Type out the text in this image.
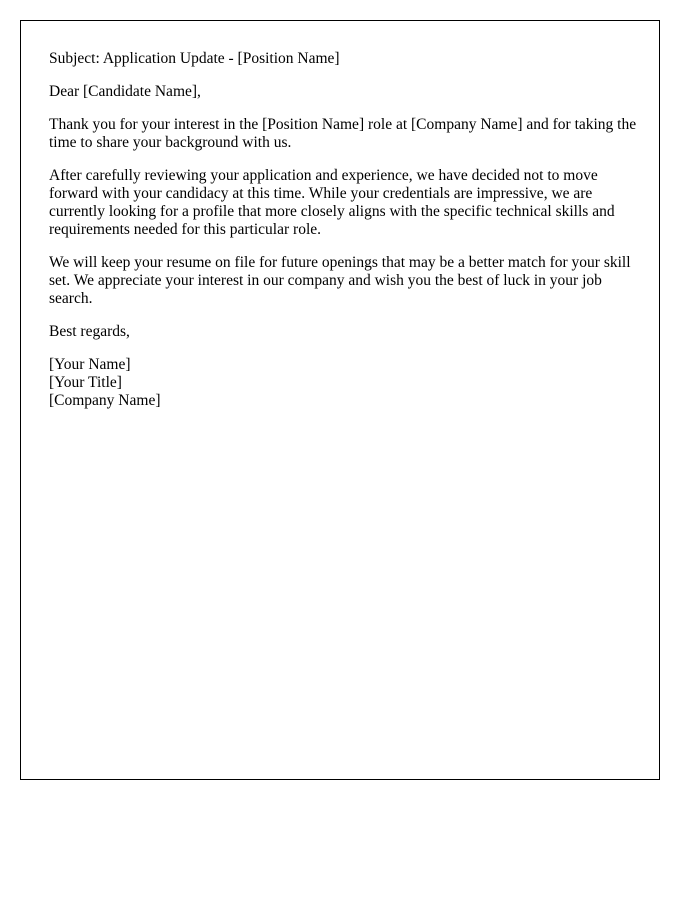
Subject: Application Update - [Position Name]

Dear [Candidate Name],

Thank you for your interest in the [Position Name] role at [Company Name] and for taking the time to share your background with us.

After carefully reviewing your application and experience, we have decided not to move forward with your candidacy at this time. While your credentials are impressive, we are currently looking for a profile that more closely aligns with the specific technical skills and requirements needed for this particular role.

We will keep your resume on file for future openings that may be a better match for your skill set. We appreciate your interest in our company and wish you the best of luck in your job search.

Best regards,

[Your Name]
[Your Title]
[Company Name]
